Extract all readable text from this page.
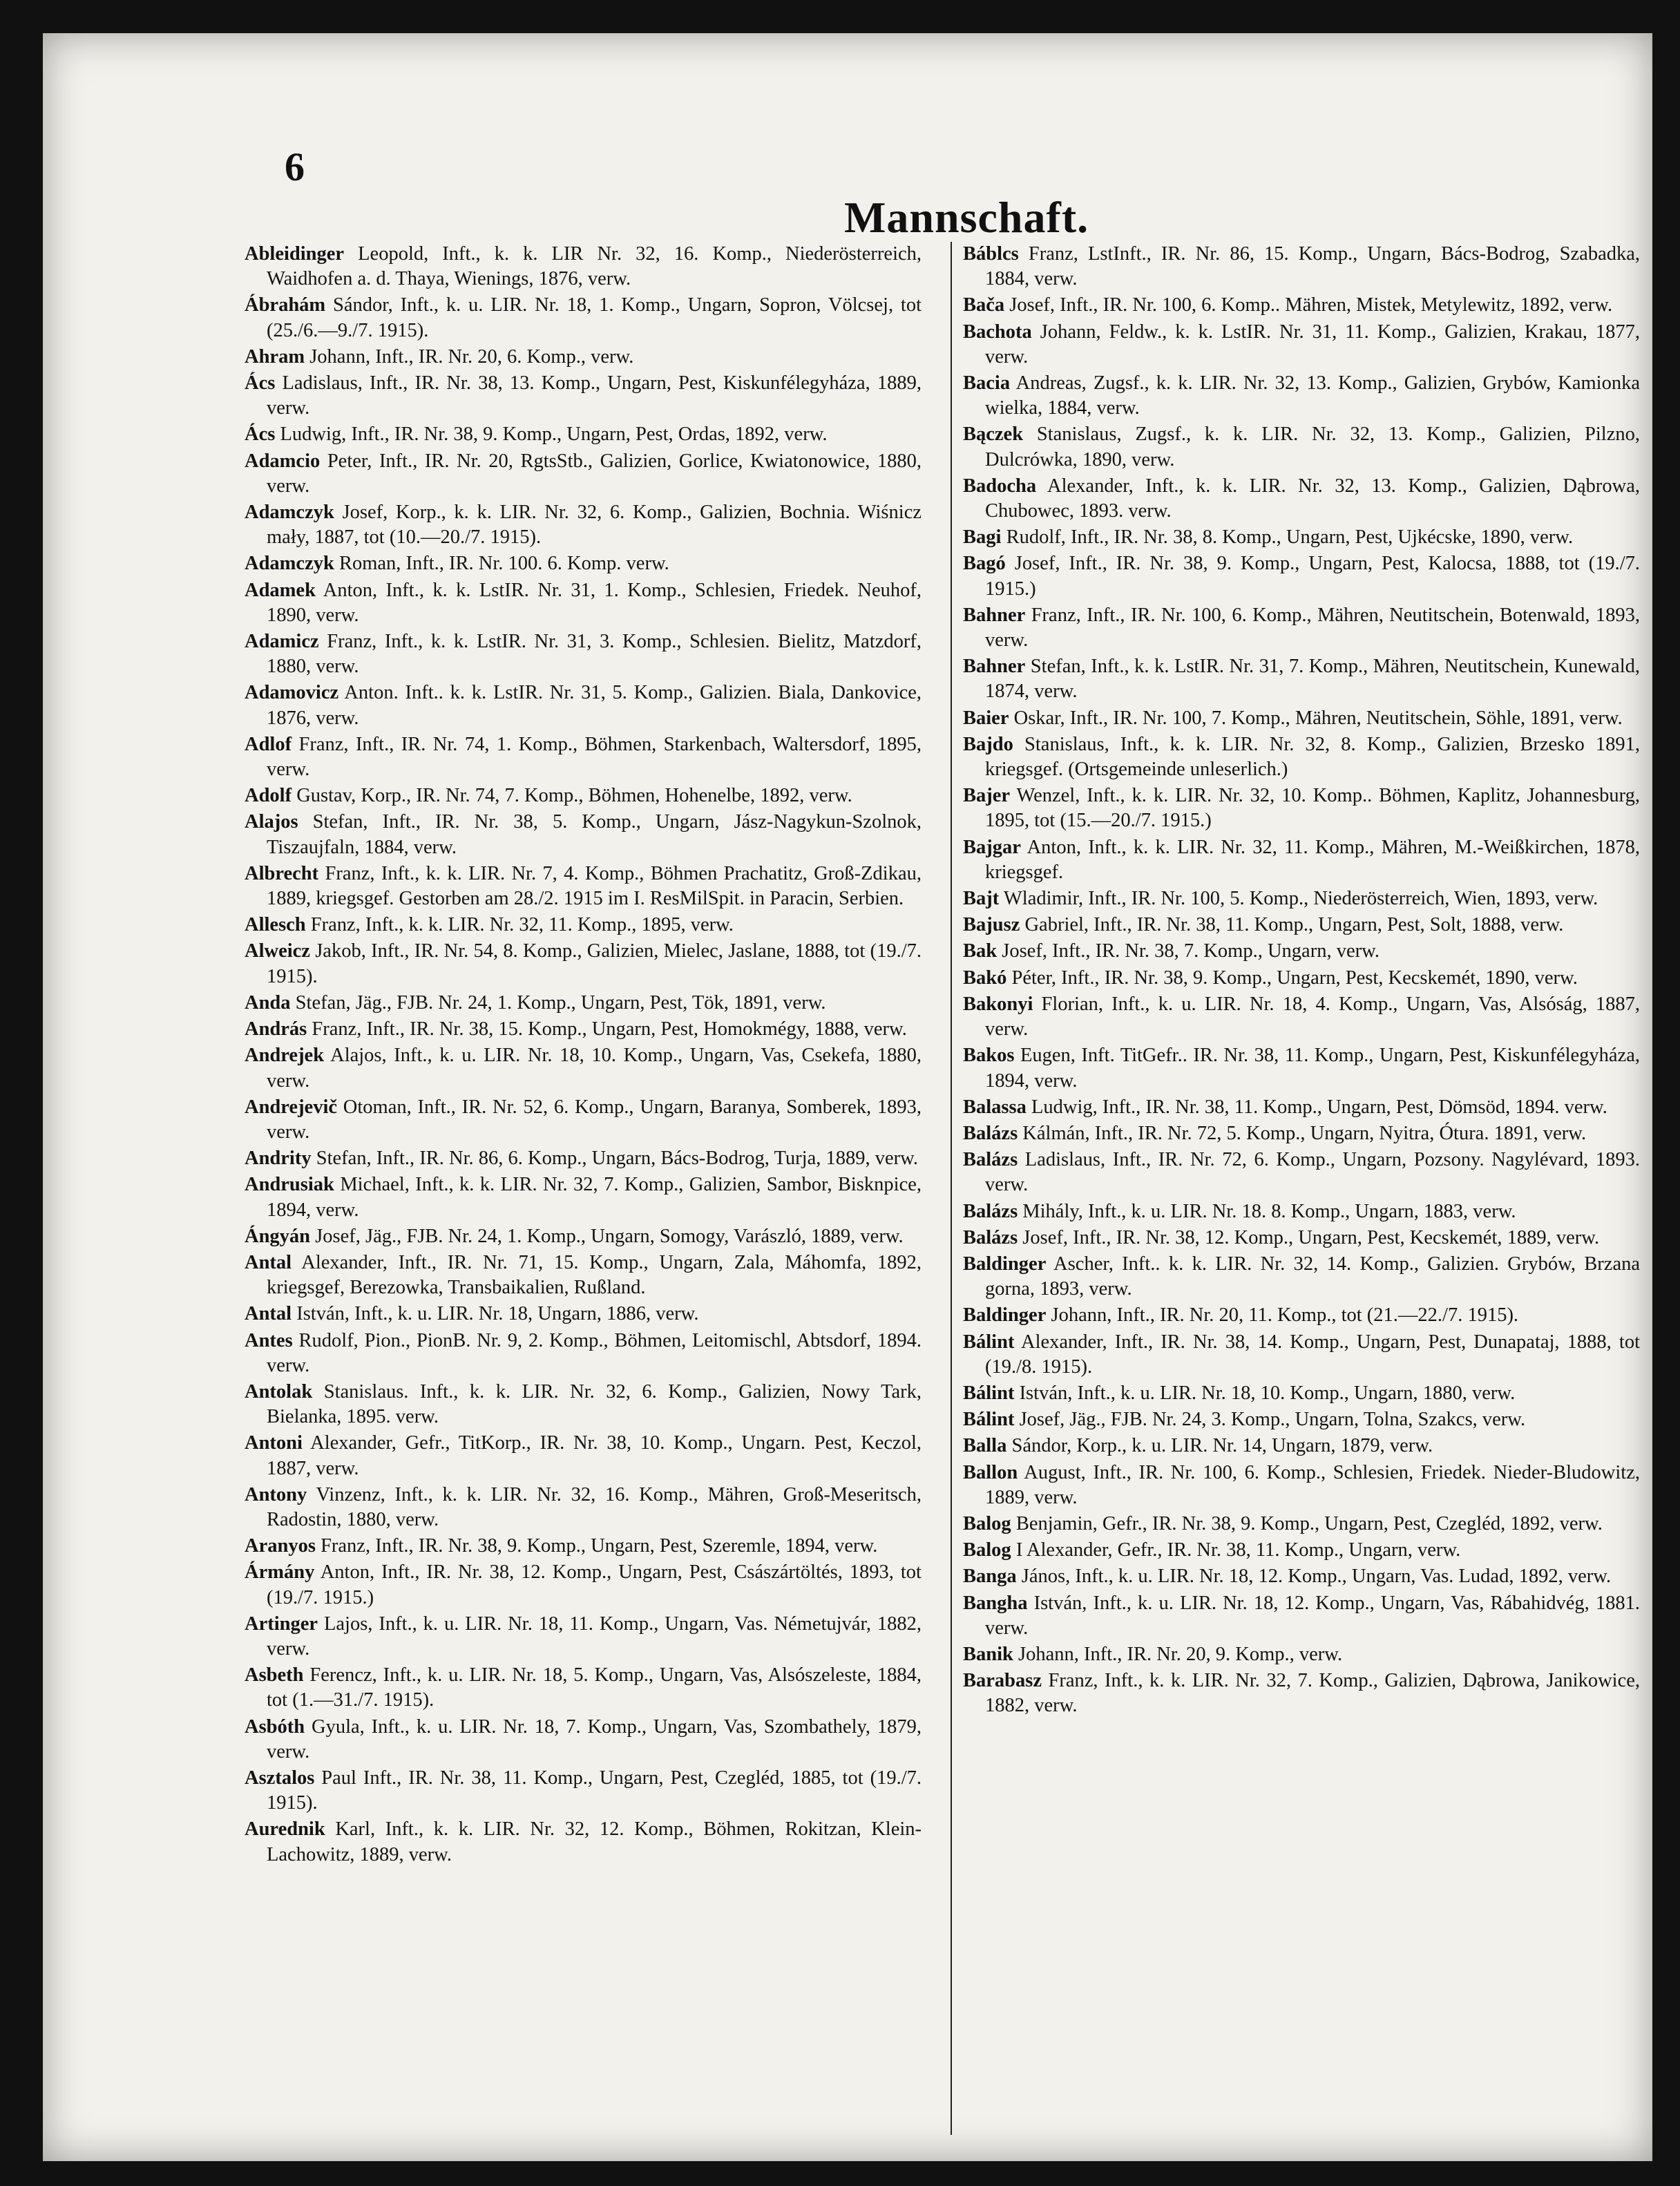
6
Mannschaft.
Ableidinger Leopold, Inft., k. k. LIR Nr. 32, 16. Komp., Niederösterreich, Waidhofen a. d. Thaya, Wienings, 1876, verw.
Ábrahám Sándor, Inft., k. u. LIR. Nr. 18, 1. Komp., Ungarn, Sopron, Völcsej, tot (25./6.—9./7. 1915).
Ahram Johann, Inft., IR. Nr. 20, 6. Komp., verw.
Ács Ladislaus, Inft., IR. Nr. 38, 13. Komp., Ungarn, Pest, Kiskunfélegyháza, 1889, verw.
Ács Ludwig, Inft., IR. Nr. 38, 9. Komp., Ungarn, Pest, Ordas, 1892, verw.
Adamcio Peter, Inft., IR. Nr. 20, RgtsStb., Galizien, Gorlice, Kwiatonowice, 1880, verw.
Adamczyk Josef, Korp., k. k. LIR. Nr. 32, 6. Komp., Galizien, Bochnia. Wiśnicz mały, 1887, tot (10.—20./7. 1915).
Adamczyk Roman, Inft., IR. Nr. 100. 6. Komp. verw.
Adamek Anton, Inft., k. k. LstIR. Nr. 31, 1. Komp., Schlesien, Friedek. Neuhof, 1890, verw.
Adamicz Franz, Inft., k. k. LstIR. Nr. 31, 3. Komp., Schlesien. Bielitz, Matzdorf, 1880, verw.
Adamovicz Anton. Inft.. k. k. LstIR. Nr. 31, 5. Komp., Galizien. Biala, Dankovice, 1876, verw.
Adlof Franz, Inft., IR. Nr. 74, 1. Komp., Böhmen, Starkenbach, Waltersdorf, 1895, verw.
Adolf Gustav, Korp., IR. Nr. 74, 7. Komp., Böhmen, Hohenelbe, 1892, verw.
Alajos Stefan, Inft., IR. Nr. 38, 5. Komp., Ungarn, Jász-Nagykun-Szolnok, Tiszaujfaln, 1884, verw.
Albrecht Franz, Inft., k. k. LIR. Nr. 7, 4. Komp., Böhmen Prachatitz, Groß-Zdikau, 1889, kriegsgef. Gestorben am 28./2. 1915 im I. ResMilSpit. in Paracin, Serbien.
Allesch Franz, Inft., k. k. LIR. Nr. 32, 11. Komp., 1895, verw.
Alweicz Jakob, Inft., IR. Nr. 54, 8. Komp., Galizien, Mielec, Jaslane, 1888, tot (19./7. 1915).
Anda Stefan, Jäg., FJB. Nr. 24, 1. Komp., Ungarn, Pest, Tök, 1891, verw.
András Franz, Inft., IR. Nr. 38, 15. Komp., Ungarn, Pest, Homokmégy, 1888, verw.
Andrejek Alajos, Inft., k. u. LIR. Nr. 18, 10. Komp., Ungarn, Vas, Csekefa, 1880, verw.
Andrejevič Otoman, Inft., IR. Nr. 52, 6. Komp., Ungarn, Baranya, Somberek, 1893, verw.
Andrity Stefan, Inft., IR. Nr. 86, 6. Komp., Ungarn, Bács-Bodrog, Turja, 1889, verw.
Andrusiak Michael, Inft., k. k. LIR. Nr. 32, 7. Komp., Galizien, Sambor, Bisknpice, 1894, verw.
Ángyán Josef, Jäg., FJB. Nr. 24, 1. Komp., Ungarn, Somogy, Varászló, 1889, verw.
Antal Alexander, Inft., IR. Nr. 71, 15. Komp., Ungarn, Zala, Máhomfa, 1892, kriegsgef, Berezowka, Transbaikalien, Rußland.
Antal István, Inft., k. u. LIR. Nr. 18, Ungarn, 1886, verw.
Antes Rudolf, Pion., PionB. Nr. 9, 2. Komp., Böhmen, Leitomischl, Abtsdorf, 1894. verw.
Antolak Stanislaus. Inft., k. k. LIR. Nr. 32, 6. Komp., Galizien, Nowy Tark, Bielanka, 1895. verw.
Antoni Alexander, Gefr., TitKorp., IR. Nr. 38, 10. Komp., Ungarn. Pest, Keczol, 1887, verw.
Antony Vinzenz, Inft., k. k. LIR. Nr. 32, 16. Komp., Mähren, Groß-Meseritsch, Radostin, 1880, verw.
Aranyos Franz, Inft., IR. Nr. 38, 9. Komp., Ungarn, Pest, Szeremle, 1894, verw.
Ármány Anton, Inft., IR. Nr. 38, 12. Komp., Ungarn, Pest, Császártöltés, 1893, tot (19./7. 1915.)
Artinger Lajos, Inft., k. u. LIR. Nr. 18, 11. Komp., Ungarn, Vas. Németujvár, 1882, verw.
Asbeth Ferencz, Inft., k. u. LIR. Nr. 18, 5. Komp., Ungarn, Vas, Alsószeleste, 1884, tot (1.—31./7. 1915).
Asbóth Gyula, Inft., k. u. LIR. Nr. 18, 7. Komp., Ungarn, Vas, Szombathely, 1879, verw.
Asztalos Paul Inft., IR. Nr. 38, 11. Komp., Ungarn, Pest, Czegléd, 1885, tot (19./7. 1915).
Aurednik Karl, Inft., k. k. LIR. Nr. 32, 12. Komp., Böhmen, Rokitzan, Klein-Lachowitz, 1889, verw.
Báblcs Franz, LstInft., IR. Nr. 86, 15. Komp., Ungarn, Bács-Bodrog, Szabadka, 1884, verw.
Bača Josef, Inft., IR. Nr. 100, 6. Komp.. Mähren, Mistek, Metylewitz, 1892, verw.
Bachota Johann, Feldw., k. k. LstIR. Nr. 31, 11. Komp., Galizien, Krakau, 1877, verw.
Bacia Andreas, Zugsf., k. k. LIR. Nr. 32, 13. Komp., Galizien, Grybów, Kamionka wielka, 1884, verw.
Bączek Stanislaus, Zugsf., k. k. LIR. Nr. 32, 13. Komp., Galizien, Pilzno, Dulcrówka, 1890, verw.
Badocha Alexander, Inft., k. k. LIR. Nr. 32, 13. Komp., Galizien, Dąbrowa, Chubowec, 1893. verw.
Bagi Rudolf, Inft., IR. Nr. 38, 8. Komp., Ungarn, Pest, Ujkécske, 1890, verw.
Bagó Josef, Inft., IR. Nr. 38, 9. Komp., Ungarn, Pest, Kalocsa, 1888, tot (19./7. 1915.)
Bahner Franz, Inft., IR. Nr. 100, 6. Komp., Mähren, Neutitschein, Botenwald, 1893, verw.
Bahner Stefan, Inft., k. k. LstIR. Nr. 31, 7. Komp., Mähren, Neutitschein, Kunewald, 1874, verw.
Baier Oskar, Inft., IR. Nr. 100, 7. Komp., Mähren, Neutitschein, Söhle, 1891, verw.
Bajdo Stanislaus, Inft., k. k. LIR. Nr. 32, 8. Komp., Galizien, Brzesko 1891, kriegsgef. (Ortsgemeinde unleserlich.)
Bajer Wenzel, Inft., k. k. LIR. Nr. 32, 10. Komp.. Böhmen, Kaplitz, Johannesburg, 1895, tot (15.—20./7. 1915.)
Bajgar Anton, Inft., k. k. LIR. Nr. 32, 11. Komp., Mähren, M.-Weißkirchen, 1878, kriegsgef.
Bajt Wladimir, Inft., IR. Nr. 100, 5. Komp., Niederösterreich, Wien, 1893, verw.
Bajusz Gabriel, Inft., IR. Nr. 38, 11. Komp., Ungarn, Pest, Solt, 1888, verw.
Bak Josef, Inft., IR. Nr. 38, 7. Komp., Ungarn, verw.
Bakó Péter, Inft., IR. Nr. 38, 9. Komp., Ungarn, Pest, Kecskemét, 1890, verw.
Bakonyi Florian, Inft., k. u. LIR. Nr. 18, 4. Komp., Ungarn, Vas, Alsóság, 1887, verw.
Bakos Eugen, Inft. TitGefr.. IR. Nr. 38, 11. Komp., Ungarn, Pest, Kiskunfélegyháza, 1894, verw.
Balassa Ludwig, Inft., IR. Nr. 38, 11. Komp., Ungarn, Pest, Dömsöd, 1894. verw.
Balázs Kálmán, Inft., IR. Nr. 72, 5. Komp., Ungarn, Nyitra, Ótura. 1891, verw.
Balázs Ladislaus, Inft., IR. Nr. 72, 6. Komp., Ungarn, Pozsony. Nagylévard, 1893. verw.
Balázs Mihály, Inft., k. u. LIR. Nr. 18. 8. Komp., Ungarn, 1883, verw.
Balázs Josef, Inft., IR. Nr. 38, 12. Komp., Ungarn, Pest, Kecskemét, 1889, verw.
Baldinger Ascher, Inft.. k. k. LIR. Nr. 32, 14. Komp., Galizien. Grybów, Brzana gorna, 1893, verw.
Baldinger Johann, Inft., IR. Nr. 20, 11. Komp., tot (21.—22./7. 1915).
Bálint Alexander, Inft., IR. Nr. 38, 14. Komp., Ungarn, Pest, Dunapataj, 1888, tot (19./8. 1915).
Bálint István, Inft., k. u. LIR. Nr. 18, 10. Komp., Ungarn, 1880, verw.
Bálint Josef, Jäg., FJB. Nr. 24, 3. Komp., Ungarn, Tolna, Szakcs, verw.
Balla Sándor, Korp., k. u. LIR. Nr. 14, Ungarn, 1879, verw.
Ballon August, Inft., IR. Nr. 100, 6. Komp., Schlesien, Friedek. Nieder-Bludowitz, 1889, verw.
Balog Benjamin, Gefr., IR. Nr. 38, 9. Komp., Ungarn, Pest, Czegléd, 1892, verw.
Balog I Alexander, Gefr., IR. Nr. 38, 11. Komp., Ungarn, verw.
Banga János, Inft., k. u. LIR. Nr. 18, 12. Komp., Ungarn, Vas. Ludad, 1892, verw.
Bangha István, Inft., k. u. LIR. Nr. 18, 12. Komp., Ungarn, Vas, Rábahidvég, 1881. verw.
Banik Johann, Inft., IR. Nr. 20, 9. Komp., verw.
Barabasz Franz, Inft., k. k. LIR. Nr. 32, 7. Komp., Galizien, Dąbrowa, Janikowice, 1882, verw.
